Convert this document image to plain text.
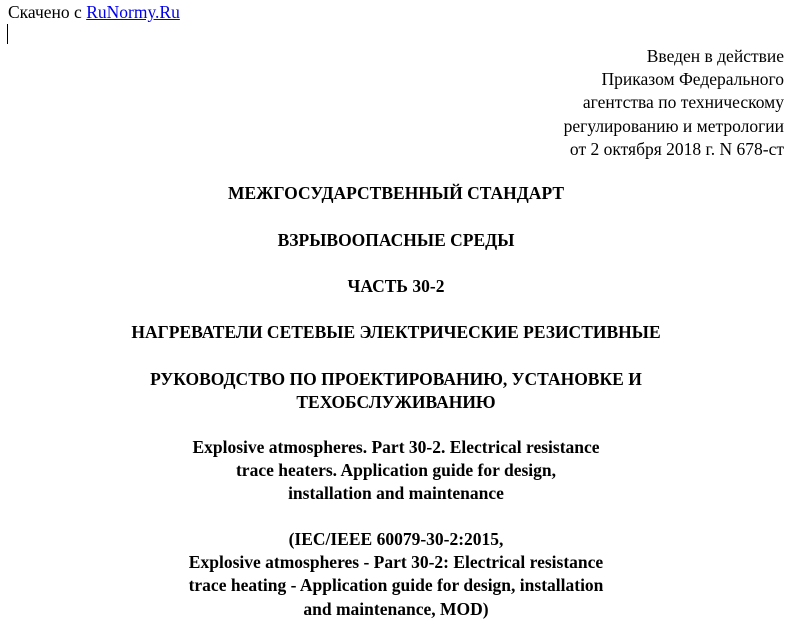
Скачено с RuNormy.Ru
Введен в действие
Приказом Федерального
агентства по техническому
регулированию и метрологии
от 2 октября 2018 г. N 678-ст
МЕЖГОСУДАРСТВЕННЫЙ СТАНДАРТ
ВЗРЫВООПАСНЫЕ СРЕДЫ
ЧАСТЬ 30-2
НАГРЕВАТЕЛИ СЕТЕВЫЕ ЭЛЕКТРИЧЕСКИЕ РЕЗИСТИВНЫЕ
РУКОВОДСТВО ПО ПРОЕКТИРОВАНИЮ, УСТАНОВКЕ И
ТЕХОБСЛУЖИВАНИЮ
Explosive atmospheres. Part 30-2. Electrical resistance
trace heaters. Application guide for design,
installation and maintenance
(IEC/IEEE 60079-30-2:2015,
Explosive atmospheres - Part 30-2: Electrical resistance
trace heating - Application guide for design, installation
and maintenance, MOD)
